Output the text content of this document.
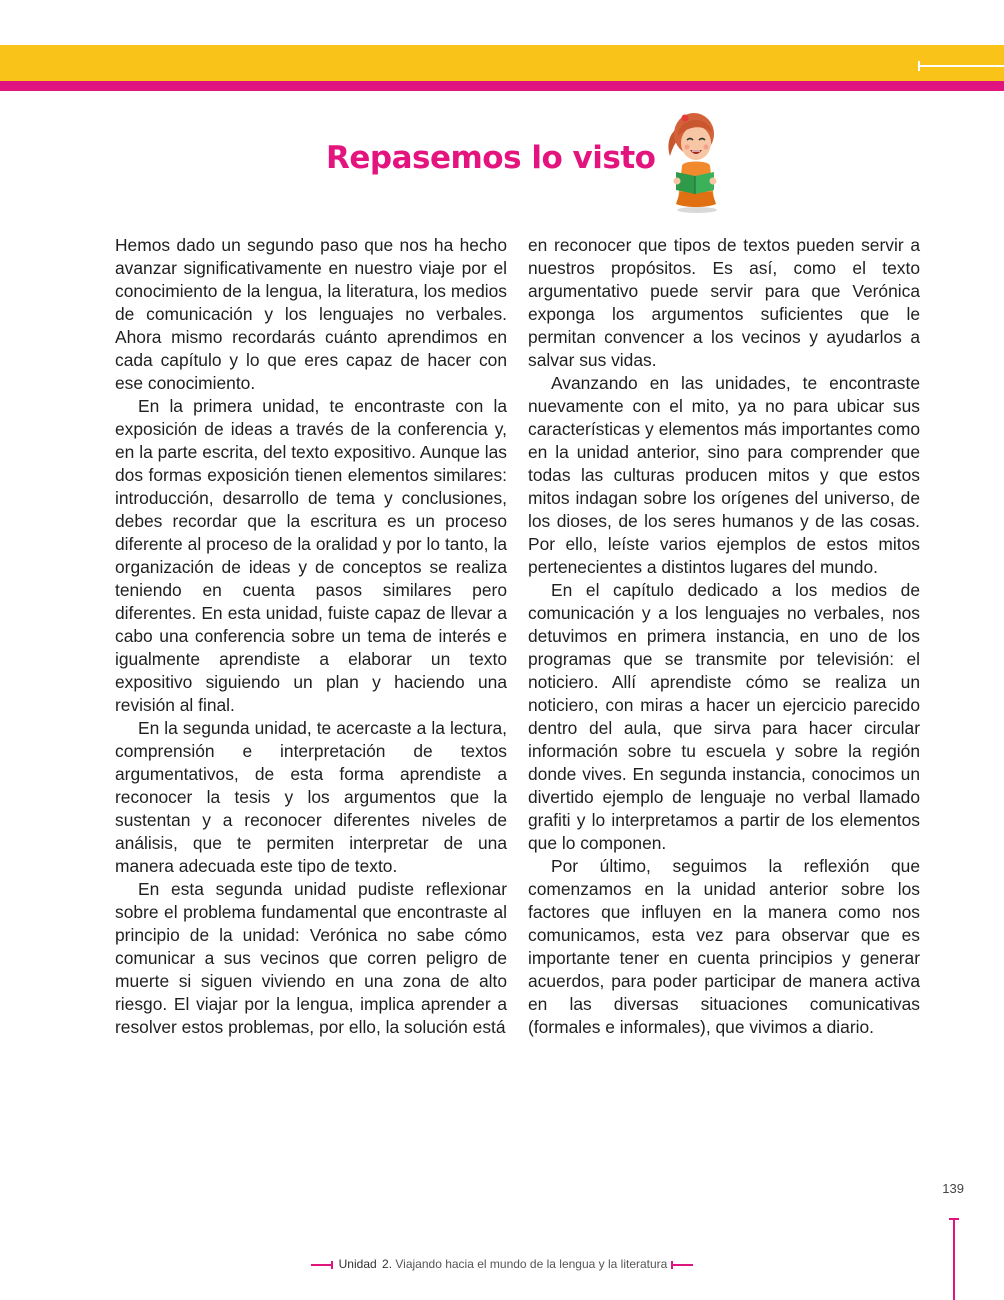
Repasemos lo visto

Hemos dado un segundo paso que nos ha hecho avanzar significativamente en nuestro viaje por el conocimiento de la lengua, la literatura, los medios de comunicación y los lenguajes no verbales. Ahora mismo recordarás cuánto aprendimos en cada capítulo y lo que eres capaz de hacer con ese conocimiento.

En la primera unidad, te encontraste con la exposición de ideas a través de la conferencia y, en la parte escrita, del texto expositivo. Aunque las dos formas exposición tienen elementos similares: introducción, desarrollo de tema y conclusiones, debes recordar que la escritura es un proceso diferente al proceso de la oralidad y por lo tanto, la organización de ideas y de conceptos se realiza teniendo en cuenta pasos similares pero diferentes. En esta unidad, fuiste capaz de llevar a cabo una conferencia sobre un tema de interés e igualmente aprendiste a elaborar un texto expositivo siguiendo un plan y haciendo una revisión al final.

En la segunda unidad, te acercaste a la lectura, comprensión e interpretación de textos argumentativos, de esta forma aprendiste a reconocer la tesis y los argumentos que la sustentan y a reconocer diferentes niveles de análisis, que te permiten interpretar de una manera adecuada este tipo de texto.

En esta segunda unidad pudiste reflexionar sobre el problema fundamental que encontraste al principio de la unidad: Verónica no sabe cómo comunicar a sus vecinos que corren peligro de muerte si siguen viviendo en una zona de alto riesgo. El viajar por la lengua, implica aprender a resolver estos problemas, por ello, la solución está

en reconocer que tipos de textos pueden servir a nuestros propósitos. Es así, como el texto argumentativo puede servir para que Verónica exponga los argumentos suficientes que le permitan convencer a los vecinos y ayudarlos a salvar sus vidas.

Avanzando en las unidades, te encontraste nuevamente con el mito, ya no para ubicar sus características y elementos más importantes como en la unidad anterior, sino para comprender que todas las culturas producen mitos y que estos mitos indagan sobre los orígenes del universo, de los dioses, de los seres humanos y de las cosas. Por ello, leíste varios ejemplos de estos mitos pertenecientes a distintos lugares del mundo.

En el capítulo dedicado a los medios de comunicación y a los lenguajes no verbales, nos detuvimos en primera instancia, en uno de los programas que se transmite por televisión: el noticiero. Allí aprendiste cómo se realiza un noticiero, con miras a hacer un ejercicio parecido dentro del aula, que sirva para hacer circular información sobre tu escuela y sobre la región donde vives. En segunda instancia, conocimos un divertido ejemplo de lenguaje no verbal llamado grafiti y lo interpretamos a partir de los elementos que lo componen.

Por último, seguimos la reflexión que comenzamos en la unidad anterior sobre los factores que influyen en la manera como nos comunicamos, esta vez para observar que es importante tener en cuenta principios y generar acuerdos, para poder participar de manera activa en las diversas situaciones comunicativas (formales e informales), que vivimos a diario.

139
Unidad 2. Viajando hacia el mundo de la lengua y la literatura
